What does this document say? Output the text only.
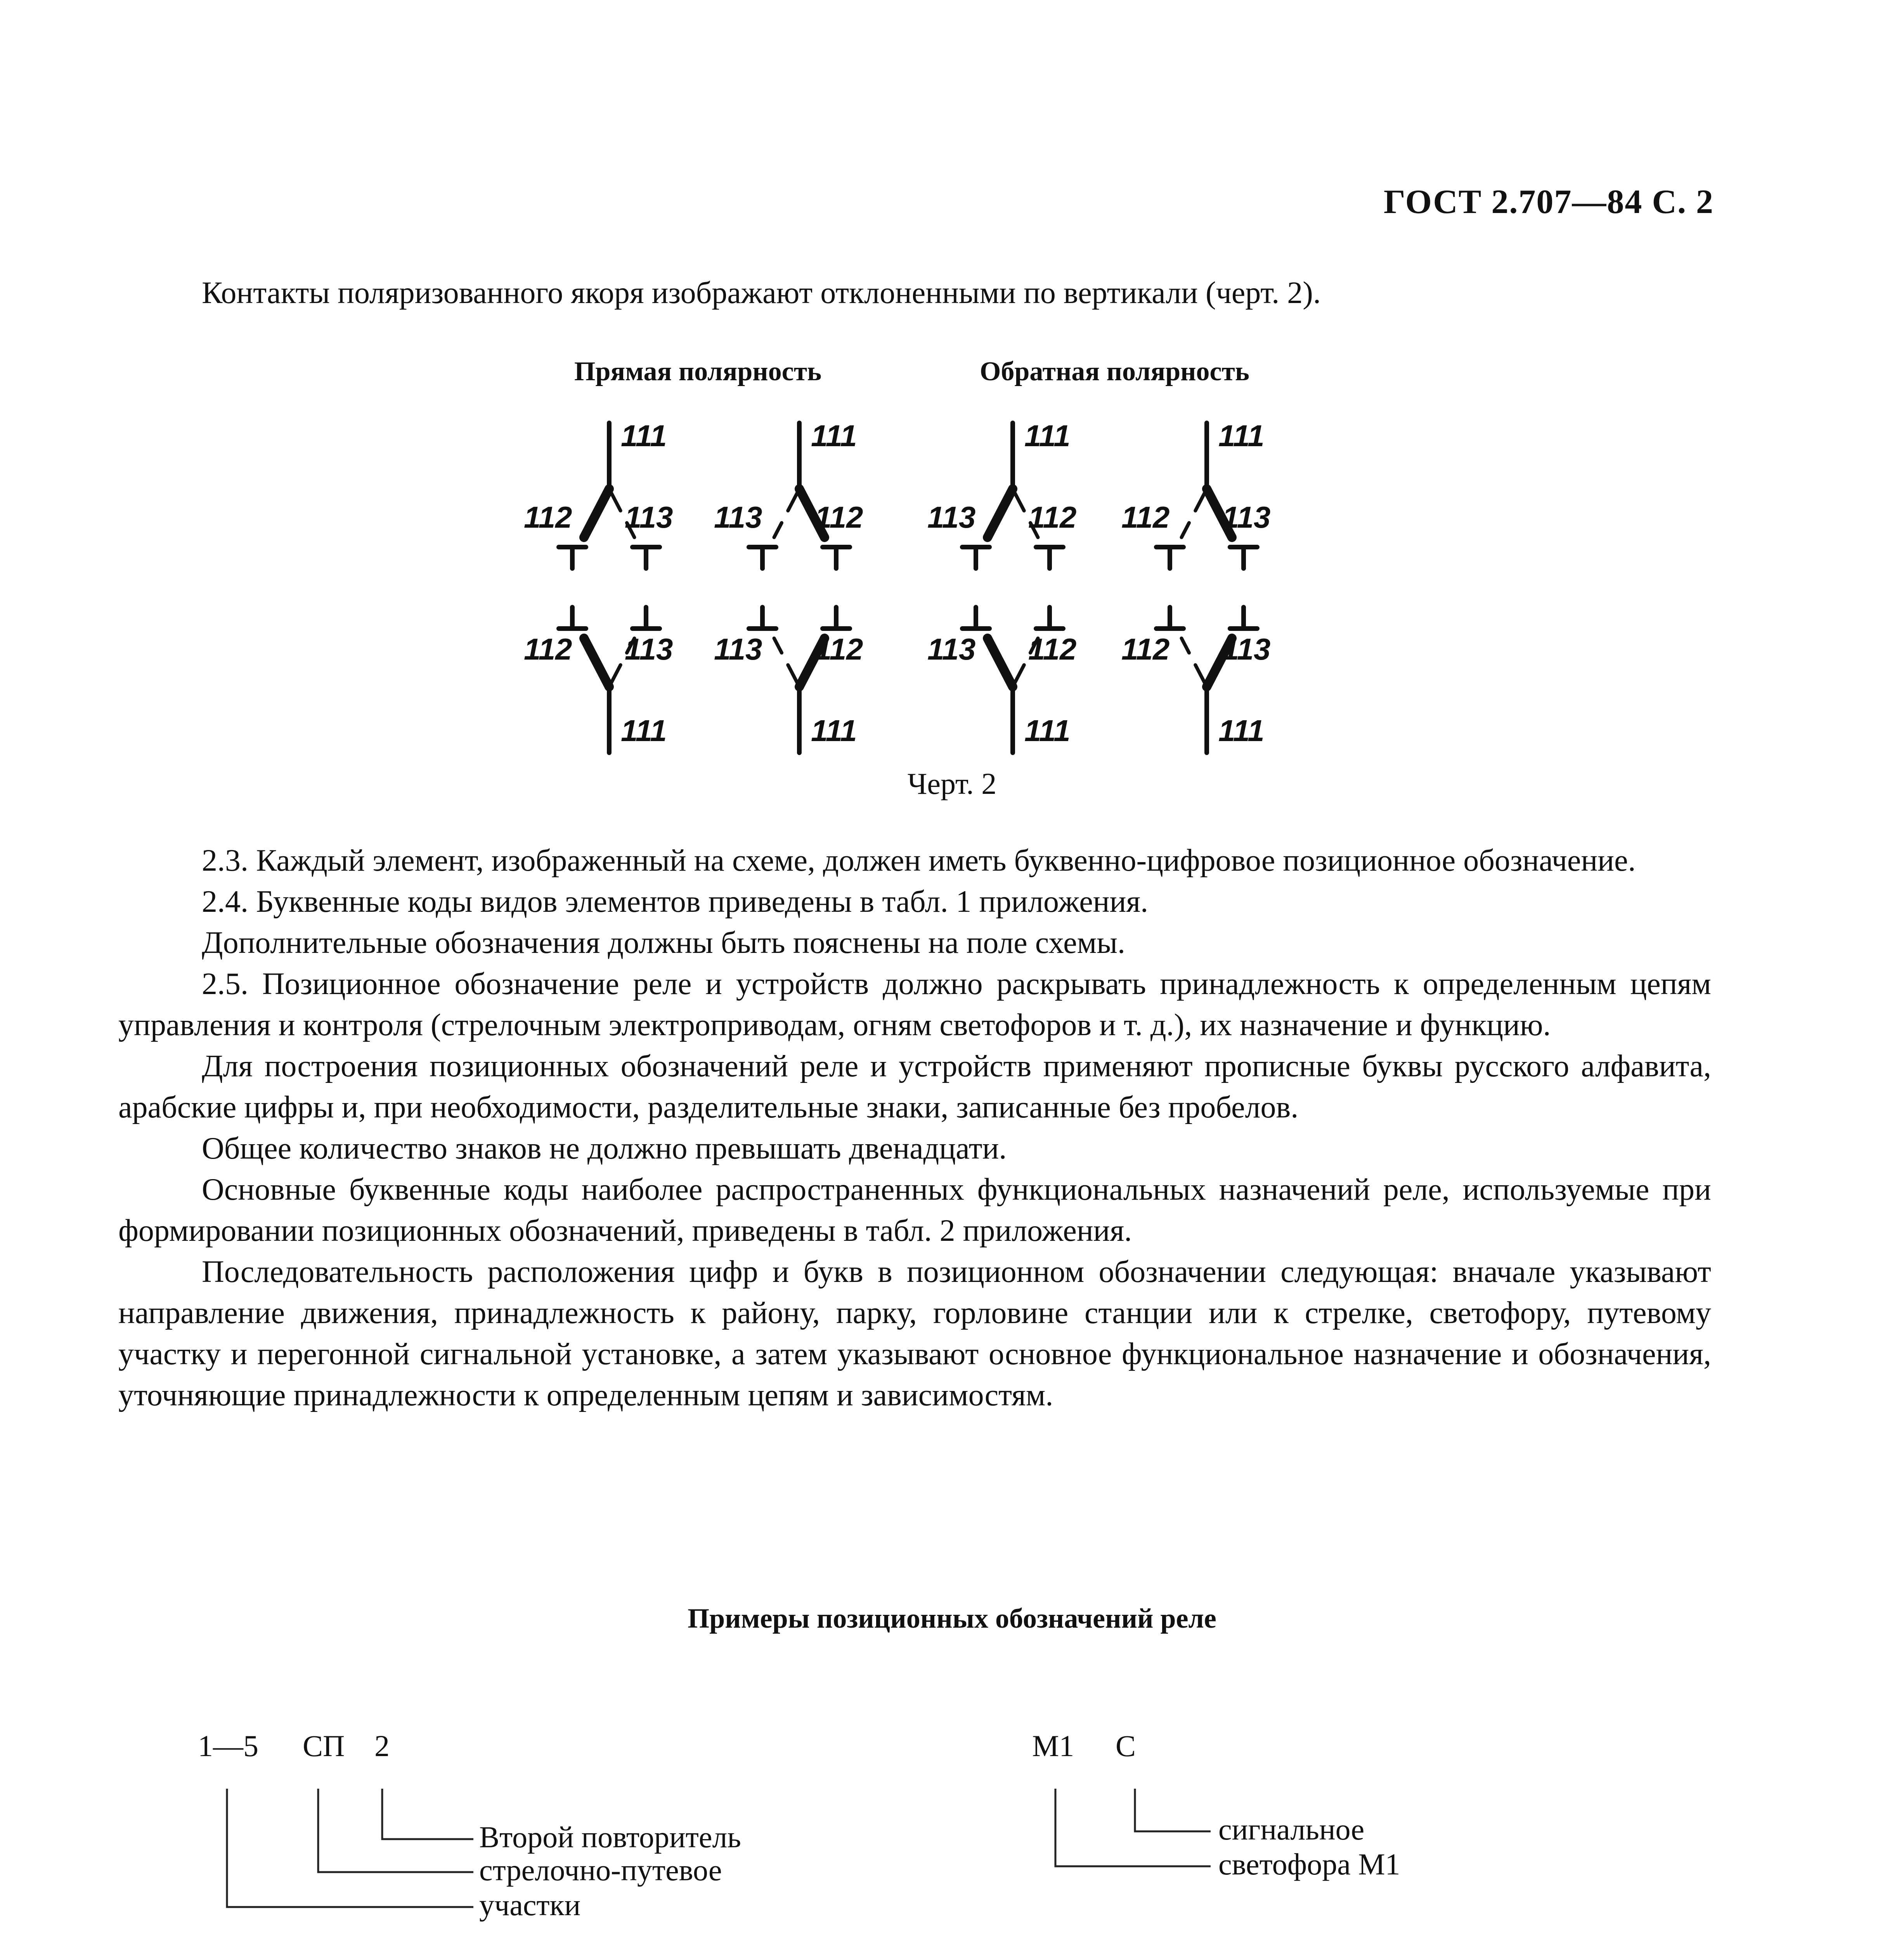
ГОСТ 2.707—84 С. 2
Контакты поляризованного якоря изображают отклоненными по вертикали (черт. 2).
Прямая полярность	Обратная полярность
111
112 113
111
113 112
111
113 112
111
112 113
111
112 113
111
113 112
111
113 112
111
112 113
Черт. 2

2.3. Каждый элемент, изображенный на схеме, должен иметь буквенно-цифровое позиционное обозначение.

2.4. Буквенные коды видов элементов приведены в табл. 1 приложения.

Дополнительные обозначения должны быть пояснены на поле схемы.

2.5. Позиционное обозначение реле и устройств должно раскрывать принадлежность к определенным цепям управления и контроля (стрелочным электроприводам, огням светофоров и т. д.), их назначение и функцию.

Для построения позиционных обозначений реле и устройств применяют прописные буквы русского алфавита, арабские цифры и, при необходимости, разделительные знаки, записанные без пробелов.

Общее количество знаков не должно превышать двенадцати.

Основные буквенные коды наиболее распространенных функциональных назначений реле, используемые при формировании позиционных обозначений, приведены в табл. 2 приложения.

Последовательность расположения цифр и букв в позиционном обозначении следующая: вначале указывают направление движения, принадлежность к району, парку, горловине станции или к стрелке, светофору, путевому участку и перегонной сигнальной установке, а затем указывают основное функциональное назначение и обозначения, уточняющие принадлежности к определенным цепям и зависимостям.

Примеры позиционных обозначений реле
1—5 СП 2
Второй повторитель
стрелочно-путевое
участки
М1 С
сигнальное
светофора М1
